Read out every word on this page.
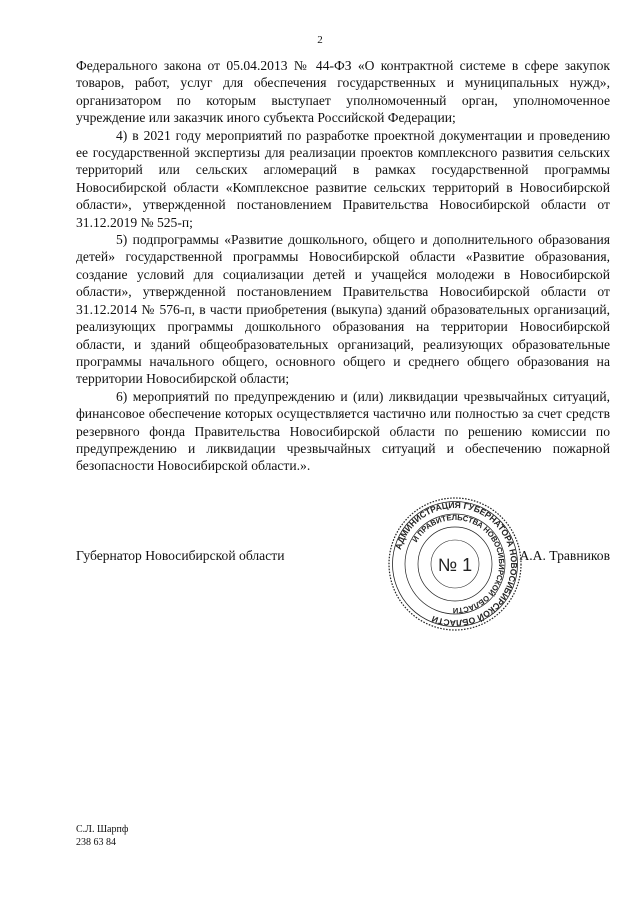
2

Федерального закона от 05.04.2013 № 44-ФЗ «О контрактной системе в сфере закупок товаров, работ, услуг для обеспечения государственных и муниципальных нужд», организатором по которым выступает уполномоченный орган, уполномоченное учреждение или заказчик иного субъекта Российской Федерации;

4) в 2021 году мероприятий по разработке проектной документации и проведению ее государственной экспертизы для реализации проектов комплексного развития сельских территорий или сельских агломераций в рамках государственной программы Новосибирской области «Комплексное развитие сельских территорий в Новосибирской области», утвержденной постановлением Правительства Новосибирской области от 31.12.2019 № 525-п;

5) подпрограммы «Развитие дошкольного, общего и дополнительного образования детей» государственной программы Новосибирской области «Развитие образования, создание условий для социализации детей и учащейся молодежи в Новосибирской области», утвержденной постановлением Правительства Новосибирской области от 31.12.2014 № 576-п, в части приобретения (выкупа) зданий образовательных организаций, реализующих программы дошкольного образования на территории Новосибирской области, и зданий общеобразовательных организаций, реализующих образовательные программы начального общего, основного общего и среднего общего образования на территории Новосибирской области;

6) мероприятий по предупреждению и (или) ликвидации чрезвычайных ситуаций, финансовое обеспечение которых осуществляется частично или полностью за счет средств резервного фонда Правительства Новосибирской области по решению комиссии по предупреждению и ликвидации чрезвычайных ситуаций и обеспечению пожарной безопасности Новосибирской области.».

Губернатор Новосибирской области	А.А. Травников
АДМИНИСТРАЦИЯ ГУБЕРНАТОРА НОВОСИБИРСКОЙ ОБЛАСТИ
И ПРАВИТЕЛЬСТВА НОВОСИБИРСКОЙ ОБЛАСТИ
№ 1
С.Л. Шарпф
238 63 84
